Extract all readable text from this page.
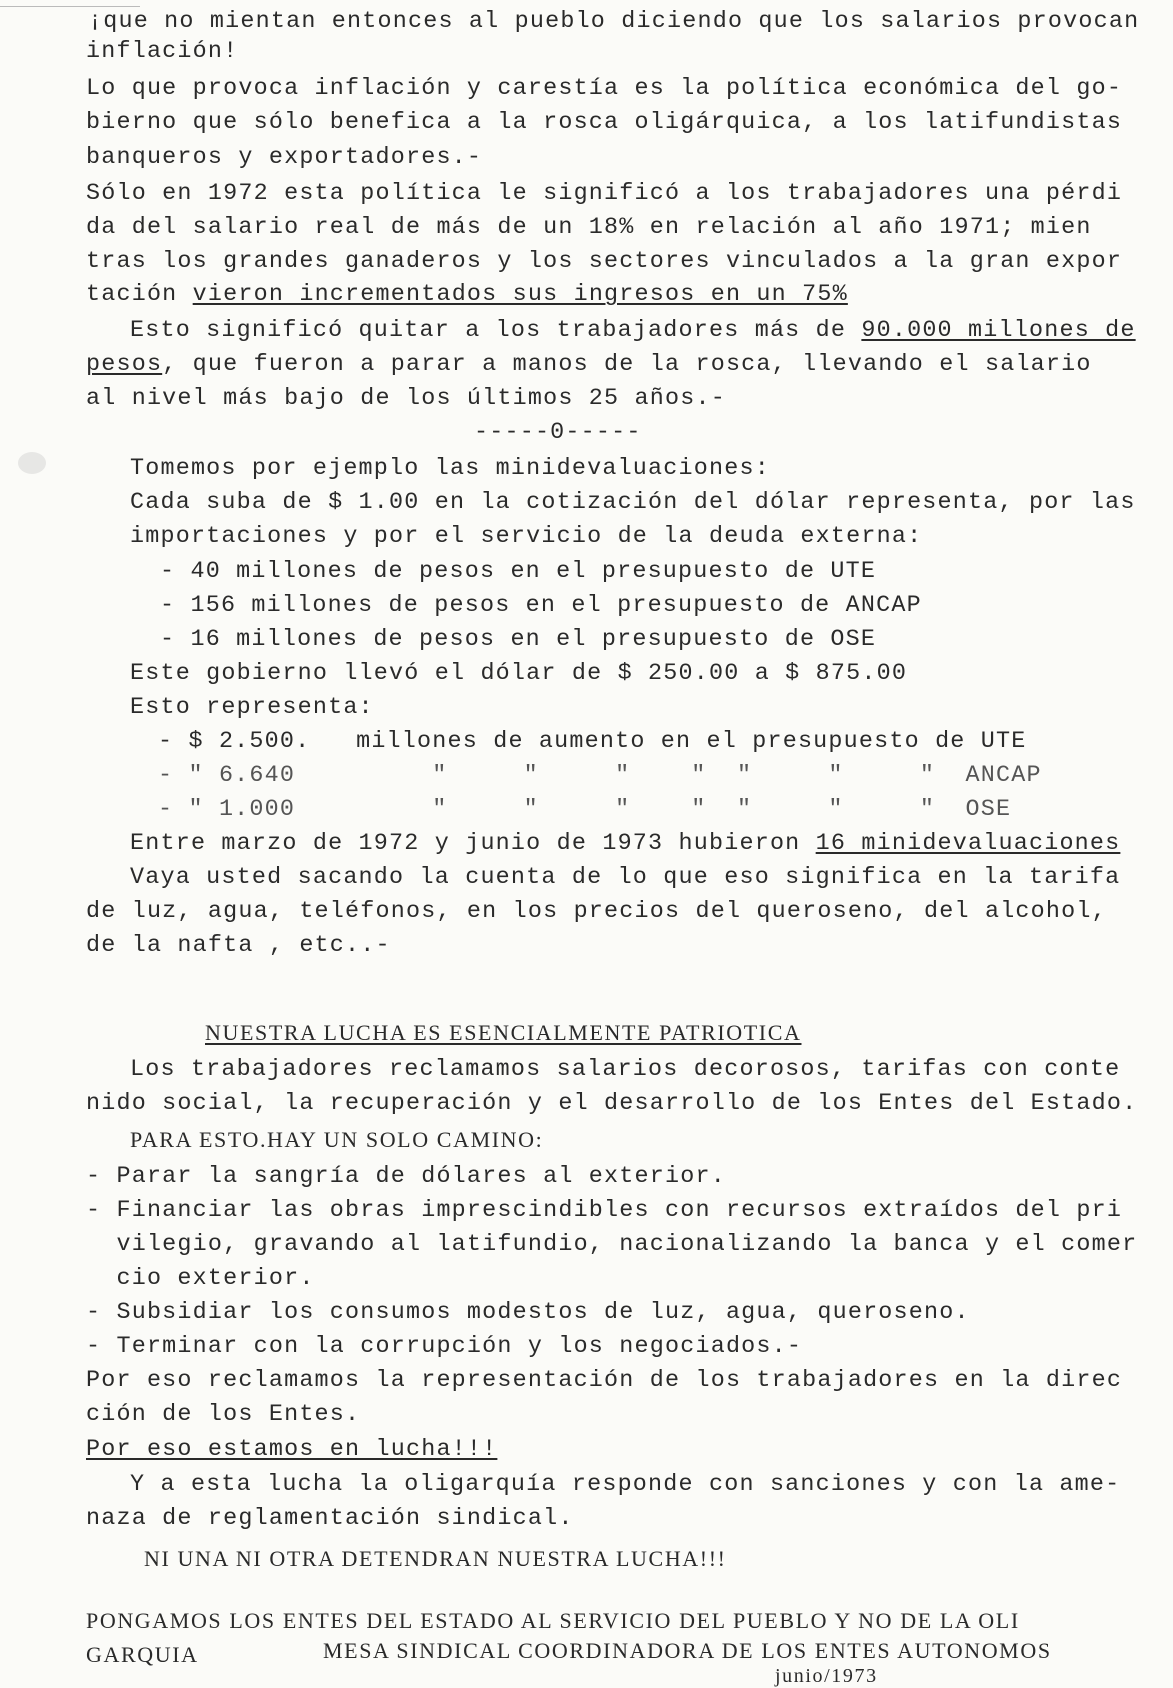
¡que no mientan entonces al pueblo diciendo que los salarios provocan
inflación!
Lo que provoca inflación y carestía es la política económica del go-
bierno que sólo benefica a la rosca oligárquica, a los latifundistas
banqueros y exportadores.-
Sólo en 1972 esta política le significó a los trabajadores una pérdi
da del salario real de más de un 18% en relación al año 1971; mien
tras los grandes ganaderos y los sectores vinculados a la gran expor
tación vieron incrementados sus ingresos en un 75%
Esto significó quitar a los trabajadores más de 90.000 millones de
pesos, que fueron a parar a manos de la rosca, llevando el salario
al nivel más bajo de los últimos 25 años.-
-----0-----
Tomemos por ejemplo las minidevaluaciones:
Cada suba de $ 1.00 en la cotización del dólar representa, por las
importaciones y por el servicio de la deuda externa:
- 40 millones de pesos en el presupuesto de UTE
- 156 millones de pesos en el presupuesto de ANCAP
- 16 millones de pesos en el presupuesto de OSE
Este gobierno llevó el dólar de $ 250.00 a $ 875.00
Esto representa:
- $ 2.500.   millones de aumento en el presupuesto de UTE
- " 6.640         "     "     "    "  "     "     "  ANCAP
- " 1.000         "     "     "    "  "     "     "  OSE
Entre marzo de 1972 y junio de 1973 hubieron 16 minidevaluaciones
Vaya usted sacando la cuenta de lo que eso significa en la tarifa
de luz, agua, teléfonos, en los precios del queroseno, del alcohol,
de la nafta , etc..-
NUESTRA LUCHA ES ESENCIALMENTE PATRIOTICA
Los trabajadores reclamamos salarios decorosos, tarifas con conte
nido social, la recuperación y el desarrollo de los Entes del Estado.
PARA ESTO.HAY UN SOLO CAMINO:
- Parar la sangría de dólares al exterior.
- Financiar las obras imprescindibles con recursos extraídos del pri
vilegio, gravando al latifundio, nacionalizando la banca y el comer
cio exterior.
- Subsidiar los consumos modestos de luz, agua, queroseno.
- Terminar con la corrupción y los negociados.-
Por eso reclamamos la representación de los trabajadores en la direc
ción de los Entes.
Por eso estamos en lucha!!!
Y a esta lucha la oligarquía responde con sanciones y con la ame-
naza de reglamentación sindical.
NI UNA NI OTRA DETENDRAN NUESTRA LUCHA!!!
PONGAMOS LOS ENTES DEL ESTADO AL SERVICIO DEL PUEBLO Y NO DE LA OLI
GARQUIA	MESA SINDICAL COORDINADORA DE LOS ENTES AUTONOMOS
junio/1973
